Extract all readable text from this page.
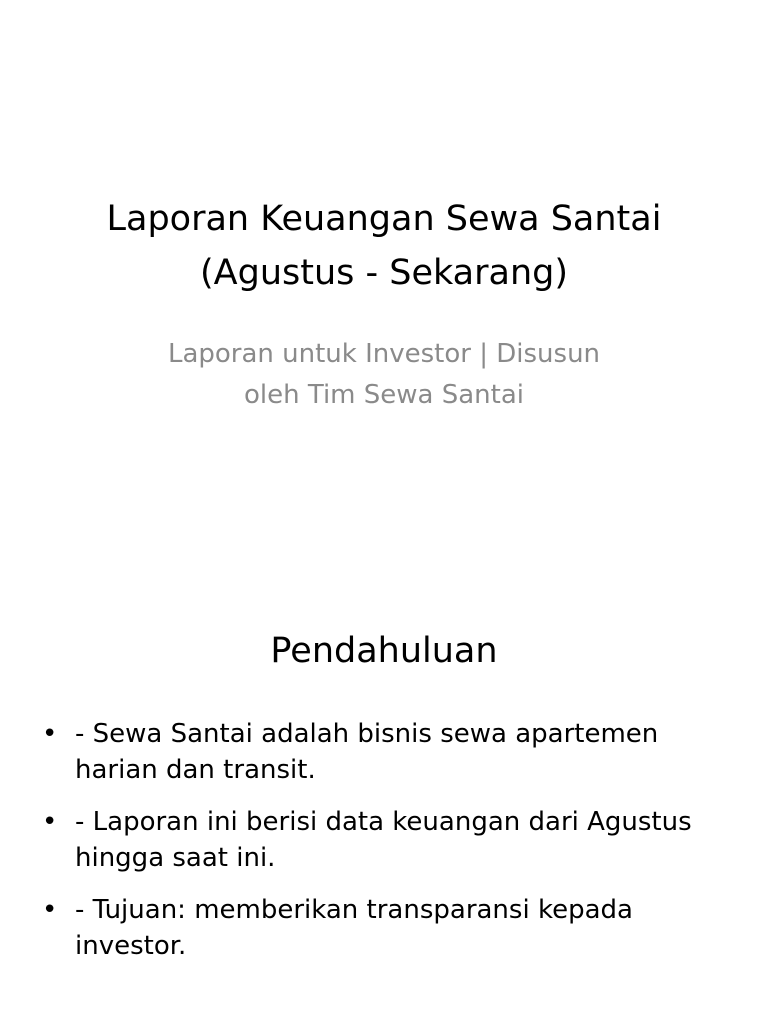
Laporan Keuangan Sewa Santai
(Agustus - Sekarang)

Laporan untuk Investor | Disusun
oleh Tim Sewa Santai

Pendahuluan
• - Sewa Santai adalah bisnis sewa apartemen
harian dan transit.
• - Laporan ini berisi data keuangan dari Agustus
hingga saat ini.
• - Tujuan: memberikan transparansi kepada
investor.
